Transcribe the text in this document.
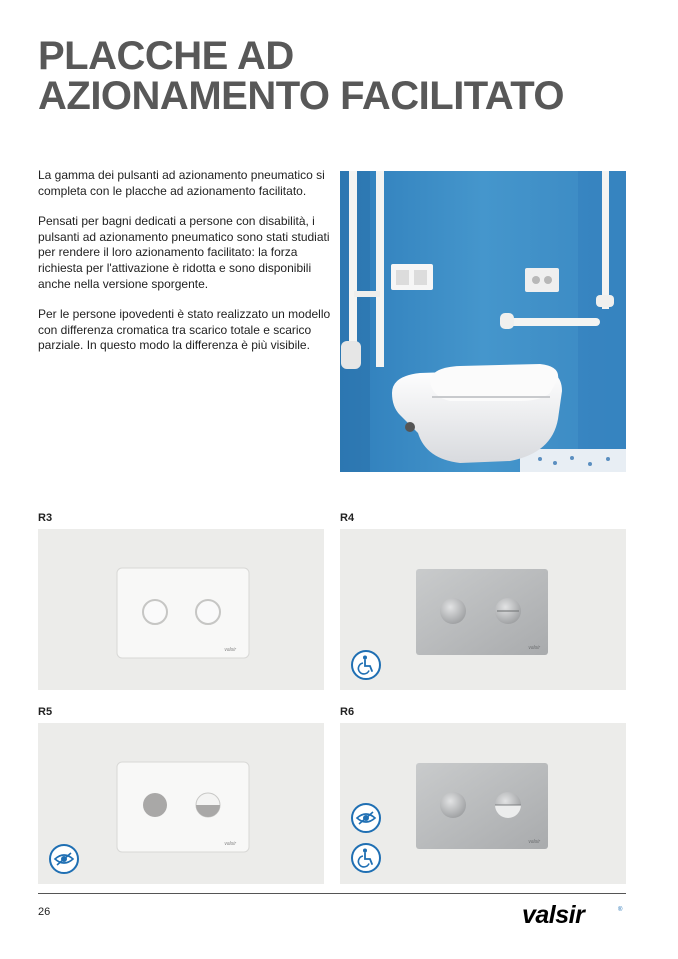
PLACCHE AD
AZIONAMENTO FACILITATO

La gamma dei pulsanti ad azionamento pneumatico si completa con le placche ad azionamento facilitato.

Pensati per bagni dedicati a persone con disabilità, i pulsanti ad azionamento pneumatico sono stati studiati per rendere il loro azionamento facilitato: la forza richiesta per l'attivazione è ridotta e sono disponibili anche nella versione sporgente.

Per le persone ipovedenti è stato realizzato un modello con differenza cromatica tra scarico totale e scarico parziale. In questo modo la differenza è più visibile.

R3
valsir
R4
valsir
R5
valsir
R6
valsir
26	valsir	®
